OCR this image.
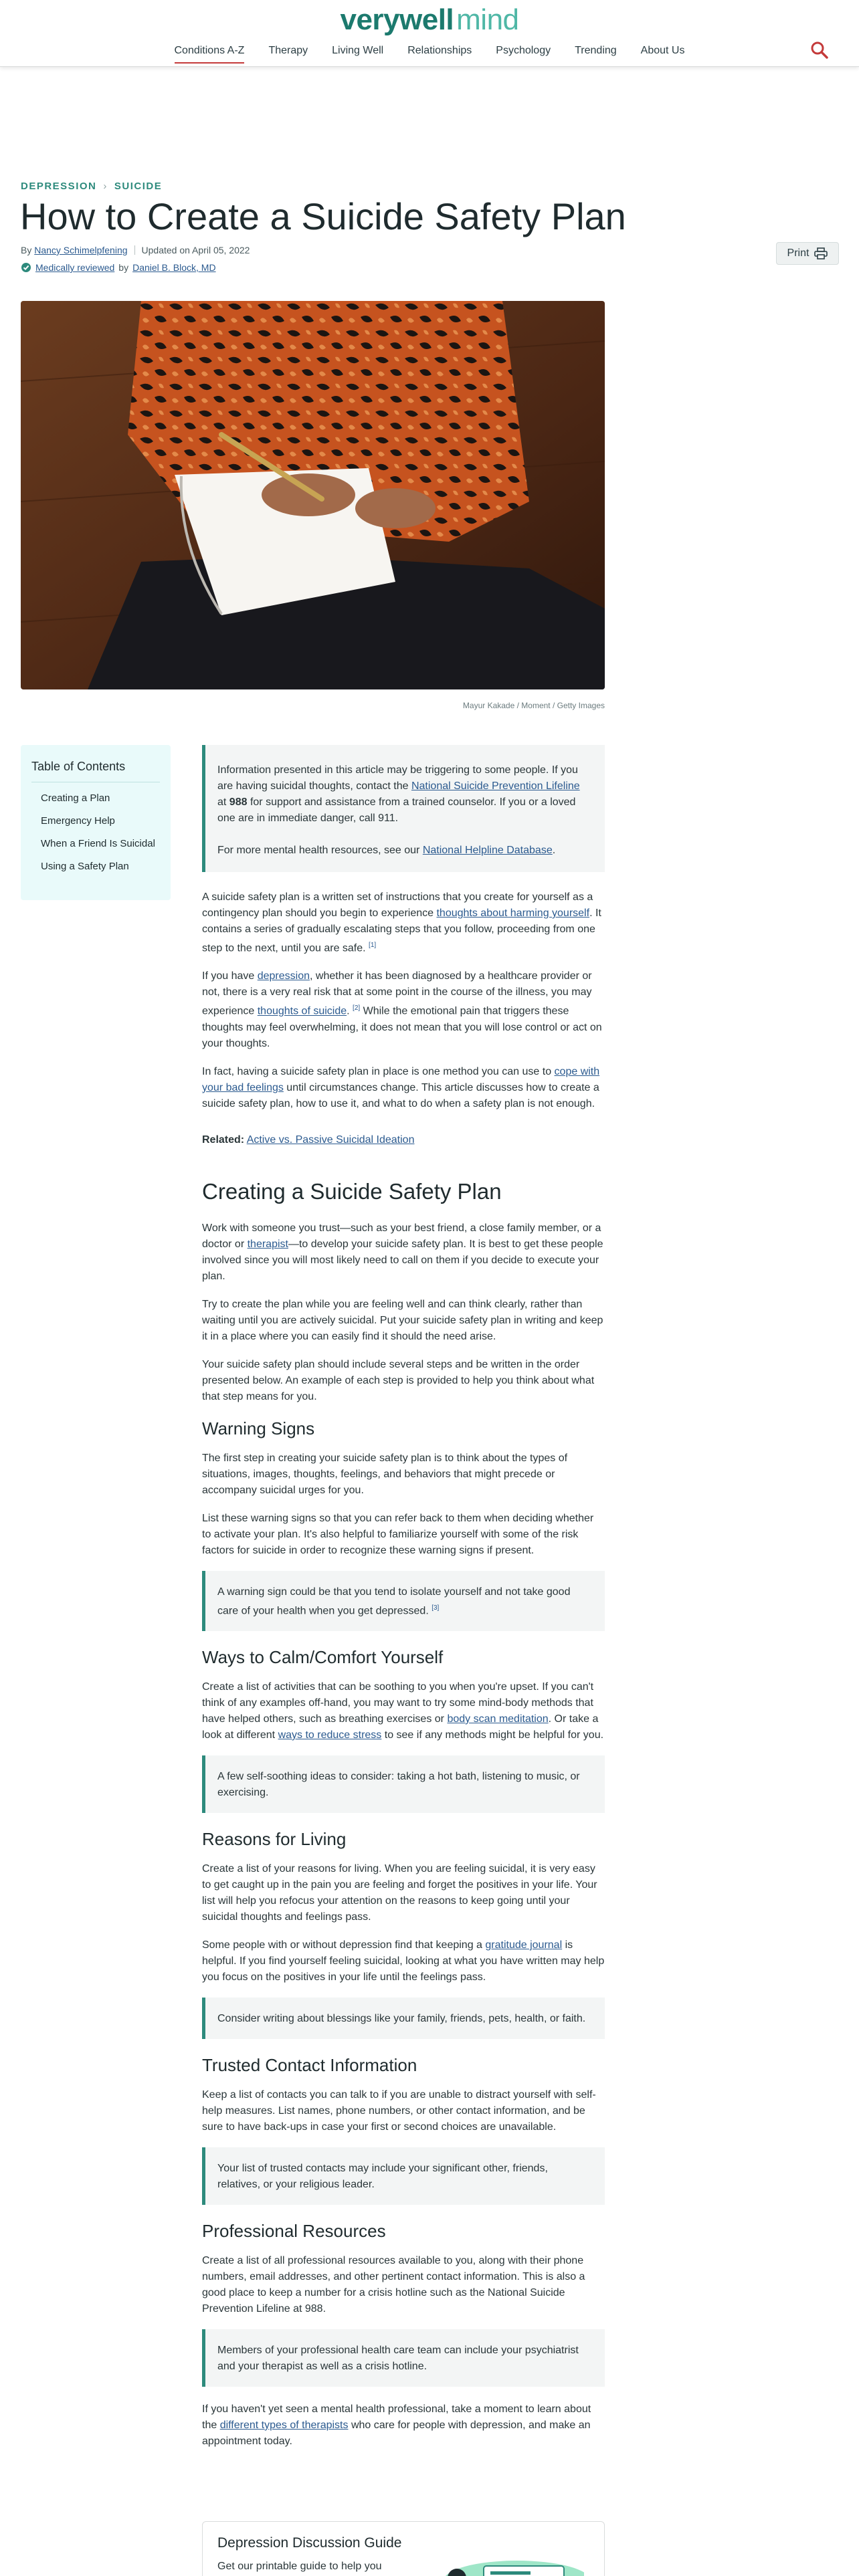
verywellmind
Conditions A-Z Therapy Living Well Relationships Psychology Trending About Us
DEPRESSION › SUICIDE
How to Create a Suicide Safety Plan
By Nancy Schimelpfening Updated on April 05, 2022
Medically reviewed by Daniel B. Block, MD
Print
Mayur Kakade / Moment / Getty Images
Table of Contents
Creating a Plan
Emergency Help
When a Friend Is Suicidal
Using a Safety Plan

Information presented in this article may be triggering to some people. If you are having suicidal thoughts, contact the National Suicide Prevention Lifeline at 988 for support and assistance from a trained counselor. If you or a loved one are in immediate danger, call 911.

For more mental health resources, see our National Helpline Database.

A suicide safety plan is a written set of instructions that you create for yourself as a contingency plan should you begin to experience thoughts about harming yourself. It contains a series of gradually escalating steps that you follow, proceeding from one step to the next, until you are safe. [1]

If you have depression, whether it has been diagnosed by a healthcare provider or not, there is a very real risk that at some point in the course of the illness, you may experience thoughts of suicide. [2] While the emotional pain that triggers these thoughts may feel overwhelming, it does not mean that you will lose control or act on your thoughts.

In fact, having a suicide safety plan in place is one method you can use to cope with your bad feelings until circumstances change. This article discusses how to create a suicide safety plan, how to use it, and what to do when a safety plan is not enough.

Related: Active vs. Passive Suicidal Ideation

Creating a Suicide Safety Plan

Work with someone you trust—such as your best friend, a close family member, or a doctor or therapist—to develop your suicide safety plan. It is best to get these people involved since you will most likely need to call on them if you decide to execute your plan.

Try to create the plan while you are feeling well and can think clearly, rather than waiting until you are actively suicidal. Put your suicide safety plan in writing and keep it in a place where you can easily find it should the need arise.

Your suicide safety plan should include several steps and be written in the order presented below. An example of each step is provided to help you think about what that step means for you.

Warning Signs

The first step in creating your suicide safety plan is to think about the types of situations, images, thoughts, feelings, and behaviors that might precede or accompany suicidal urges for you.

List these warning signs so that you can refer back to them when deciding whether to activate your plan. It's also helpful to familiarize yourself with some of the risk factors for suicide in order to recognize these warning signs if present.

A warning sign could be that you tend to isolate yourself and not take good care of your health when you get depressed. [3]

Ways to Calm/Comfort Yourself

Create a list of activities that can be soothing to you when you're upset. If you can't think of any examples off-hand, you may want to try some mind-body methods that have helped others, such as breathing exercises or body scan meditation. Or take a look at different ways to reduce stress to see if any methods might be helpful for you.

A few self-soothing ideas to consider: taking a hot bath, listening to music, or exercising.

Reasons for Living

Create a list of your reasons for living. When you are feeling suicidal, it is very easy to get caught up in the pain you are feeling and forget the positives in your life. Your list will help you refocus your attention on the reasons to keep going until your suicidal thoughts and feelings pass.

Some people with or without depression find that keeping a gratitude journal is helpful. If you find yourself feeling suicidal, looking at what you have written may help you focus on the positives in your life until the feelings pass.

Consider writing about blessings like your family, friends, pets, health, or faith.

Trusted Contact Information

Keep a list of contacts you can talk to if you are unable to distract yourself with self-help measures. List names, phone numbers, or other contact information, and be sure to have back-ups in case your first or second choices are unavailable.

Your list of trusted contacts may include your significant other, friends, relatives, or your religious leader.

Professional Resources

Create a list of all professional resources available to you, along with their phone numbers, email addresses, and other pertinent contact information. This is also a good place to keep a number for a crisis hotline such as the National Suicide Prevention Lifeline at 988.

Members of your professional health care team can include your psychiatrist and your therapist as well as a crisis hotline.

If you haven't yet seen a mental health professional, take a moment to learn about the different types of therapists who care for people with depression, and make an appointment today.

Depression Discussion Guide

Get our printable guide to help you
